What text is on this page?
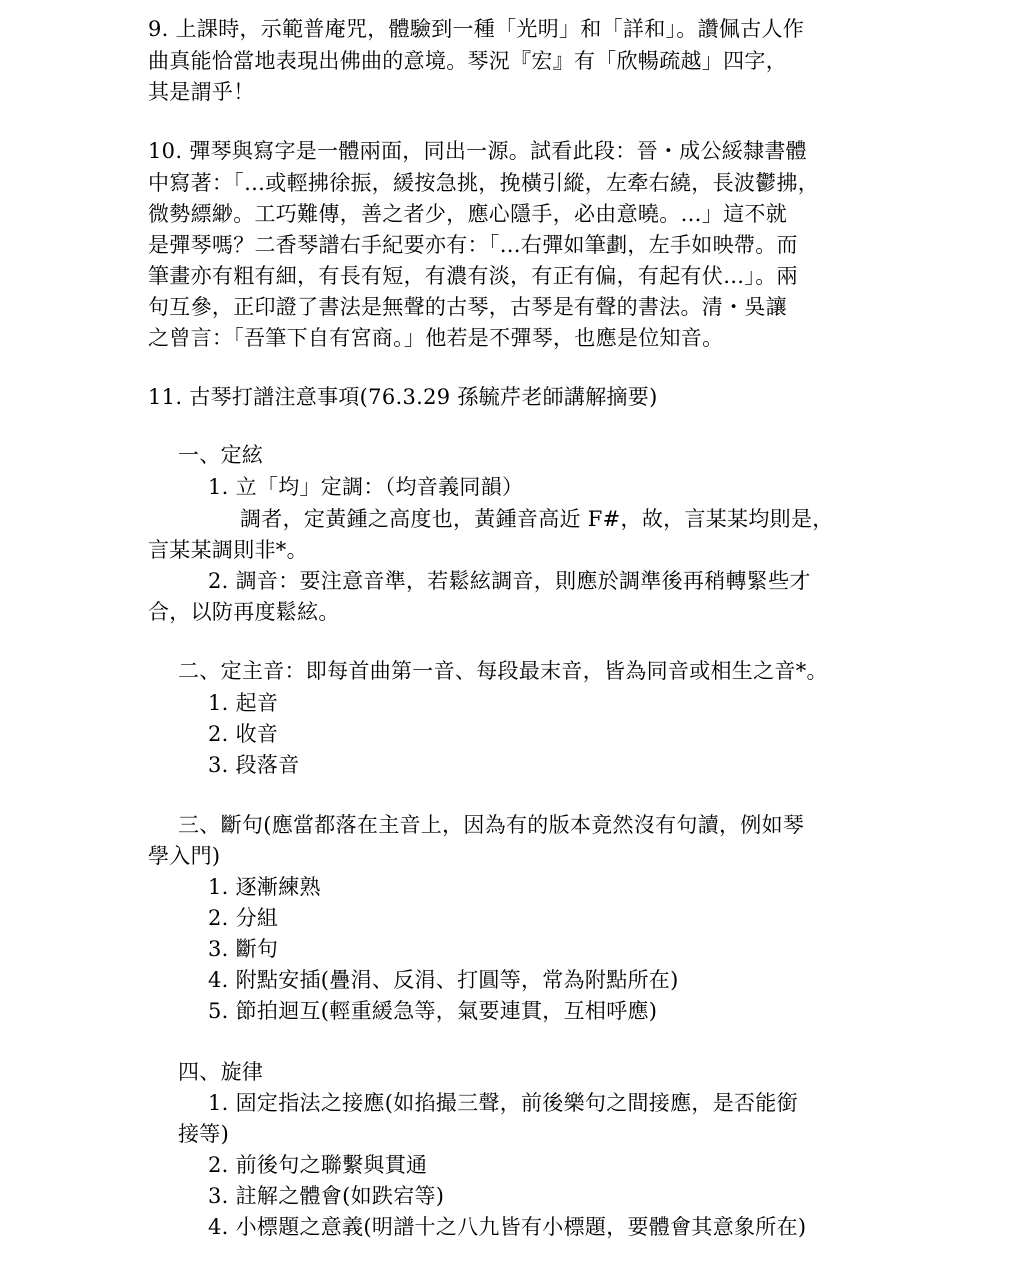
9. 上課時，示範普庵咒，體驗到一種「光明」和「詳和」。讚佩古人作
曲真能恰當地表現出佛曲的意境。琴況『宏』有「欣暢疏越」四字，
其是謂乎！
10. 彈琴與寫字是一體兩面，同出一源。試看此段：晉・成公綏隸書體
中寫著：「…或輕拂徐振，緩按急挑，挽橫引縱，左牽右繞，長波鬱拂，
微勢縹緲。工巧難傳，善之者少，應心隱手，必由意曉。…」這不就
是彈琴嗎？二香琴譜右手紀要亦有：「…右彈如筆劃，左手如映帶。而
筆畫亦有粗有細，有長有短，有濃有淡，有正有偏，有起有伏…」。兩
句互參，正印證了書法是無聲的古琴，古琴是有聲的書法。清・吳讓
之曾言：「吾筆下自有宮商。」他若是不彈琴，也應是位知音。
11. 古琴打譜注意事項(76.3.29 孫毓芹老師講解摘要)
一、定絃
1. 立「均」定調：（均音義同韻）
調者，定黃鍾之高度也，黃鍾音高近 F#，故，言某某均則是，
言某某調則非*。
2. 調音：要注意音準，若鬆絃調音，則應於調準後再稍轉緊些才
合，以防再度鬆絃。
二、定主音：即每首曲第一音、每段最末音，皆為同音或相生之音*。
1. 起音
2. 收音
3. 段落音
三、斷句(應當都落在主音上，因為有的版本竟然沒有句讀，例如琴
學入門)
1. 逐漸練熟
2. 分組
3. 斷句
4. 附點安插(疊涓、反涓、打圓等，常為附點所在)
5. 節拍迴互(輕重緩急等，氣要連貫，互相呼應)
四、旋律
1. 固定指法之接應(如掐撮三聲，前後樂句之間接應，是否能銜
接等)
2. 前後句之聯繫與貫通
3. 註解之體會(如跌宕等)
4. 小標題之意義(明譜十之八九皆有小標題，要體會其意象所在)
